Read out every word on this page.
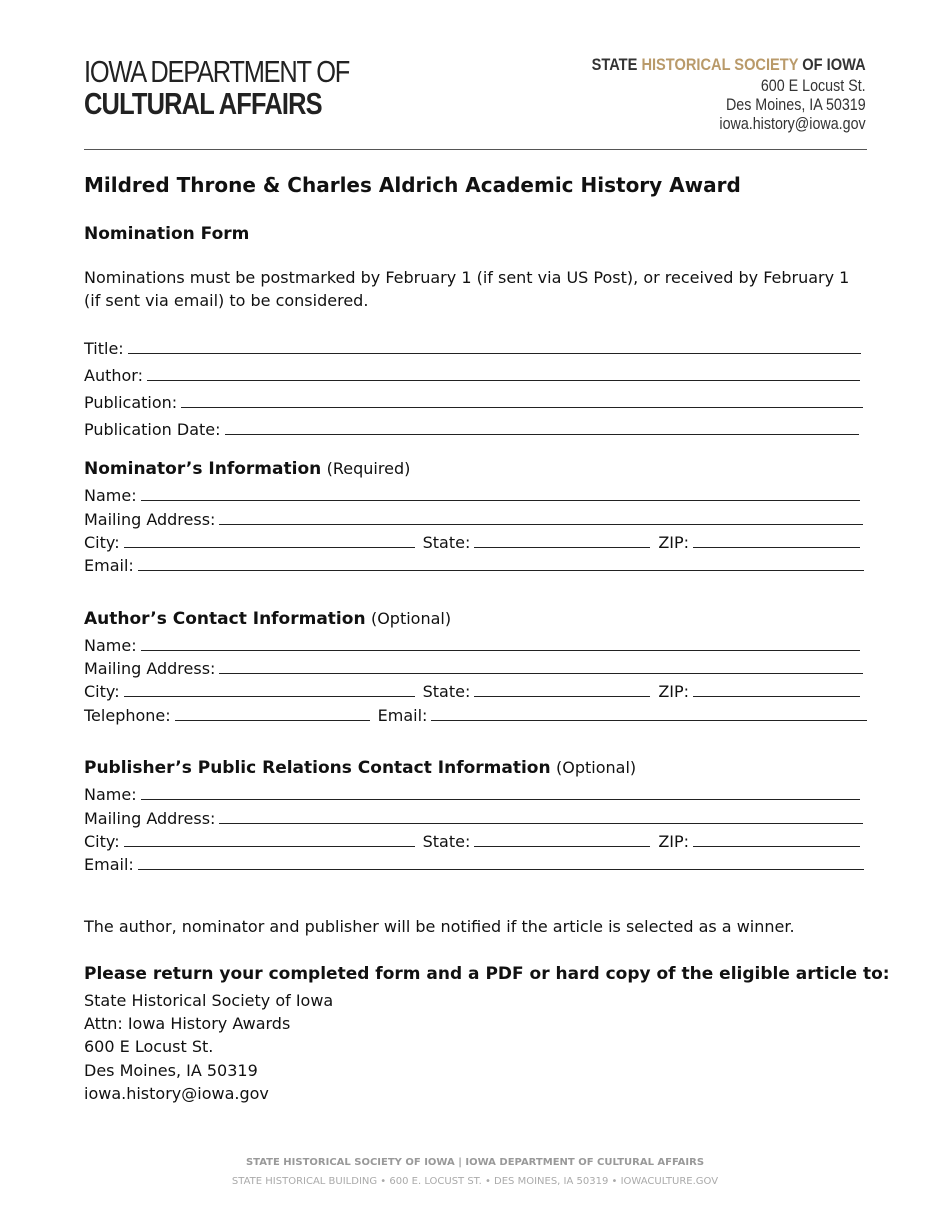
IOWA DEPARTMENT OF
CULTURAL AFFAIRS
STATE HISTORICAL SOCIETY OF IOWA
600 E Locust St.
Des Moines, IA 50319
iowa.history@iowa.gov
Mildred Throne & Charles Aldrich Academic History Award
Nomination Form
Nominations must be postmarked by February 1 (if sent via US Post), or received by February 1 (if sent via email) to be considered.
Title:
Author:
Publication:
Publication Date:
Nominator’s Information (Required)
Name:
Mailing Address:
City:	State:	ZIP:
Email:
Author’s Contact Information (Optional)
Name:
Mailing Address:
City:	State:	ZIP:
Telephone:	Email:
Publisher’s Public Relations Contact Information (Optional)
Name:
Mailing Address:
City:	State:	ZIP:
Email:
The author, nominator and publisher will be notified if the article is selected as a winner.
Please return your completed form and a PDF or hard copy of the eligible article to:
State Historical Society of Iowa
Attn: Iowa History Awards
600 E Locust St.
Des Moines, IA 50319
iowa.history@iowa.gov
STATE HISTORICAL SOCIETY OF IOWA | IOWA DEPARTMENT OF CULTURAL AFFAIRS
STATE HISTORICAL BUILDING • 600 E. LOCUST ST. • DES MOINES, IA 50319 • IOWACULTURE.GOV
